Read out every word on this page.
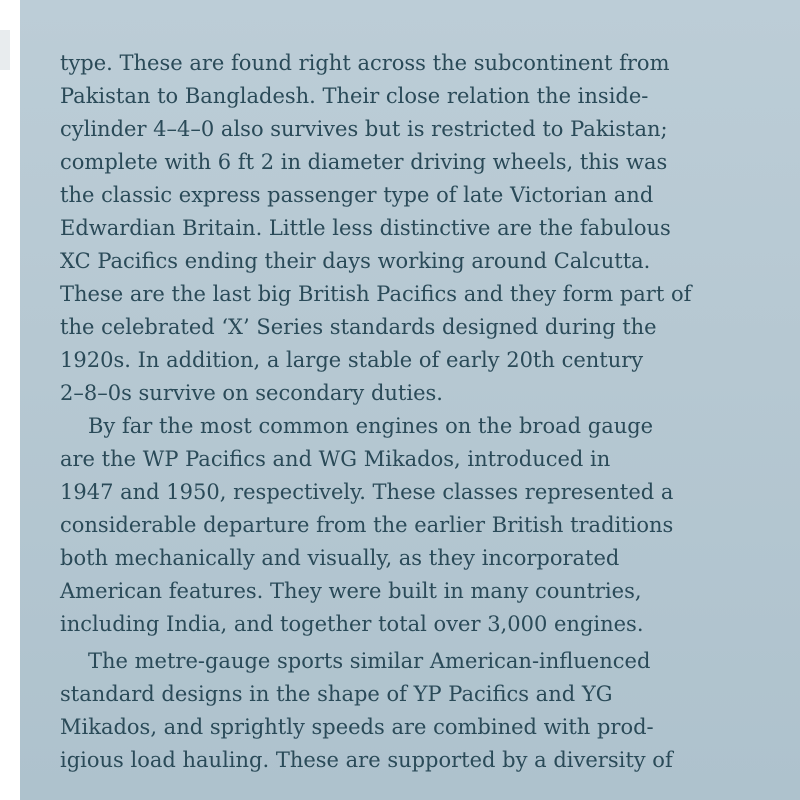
type. These are found right across the subcontinent from
Pakistan to Bangladesh. Their close relation the inside-
cylinder 4–4–0 also survives but is restricted to Pakistan;
complete with 6 ft 2 in diameter driving wheels, this was
the classic express passenger type of late Victorian and
Edwardian Britain. Little less distinctive are the fabulous
XC Pacifics ending their days working around Calcutta.
These are the last big British Pacifics and they form part of
the celebrated ‘X’ Series standards designed during the
1920s. In addition, a large stable of early 20th century
2–8–0s survive on secondary duties.
By far the most common engines on the broad gauge
are the WP Pacifics and WG Mikados, introduced in
1947 and 1950, respectively. These classes represented a
considerable departure from the earlier British traditions
both mechanically and visually, as they incorporated
American features. They were built in many countries,
including India, and together total over 3,000 engines.
The metre-gauge sports similar American-influenced
standard designs in the shape of YP Pacifics and YG
Mikados, and sprightly speeds are combined with prod-
igious load hauling. These are supported by a diversity of
